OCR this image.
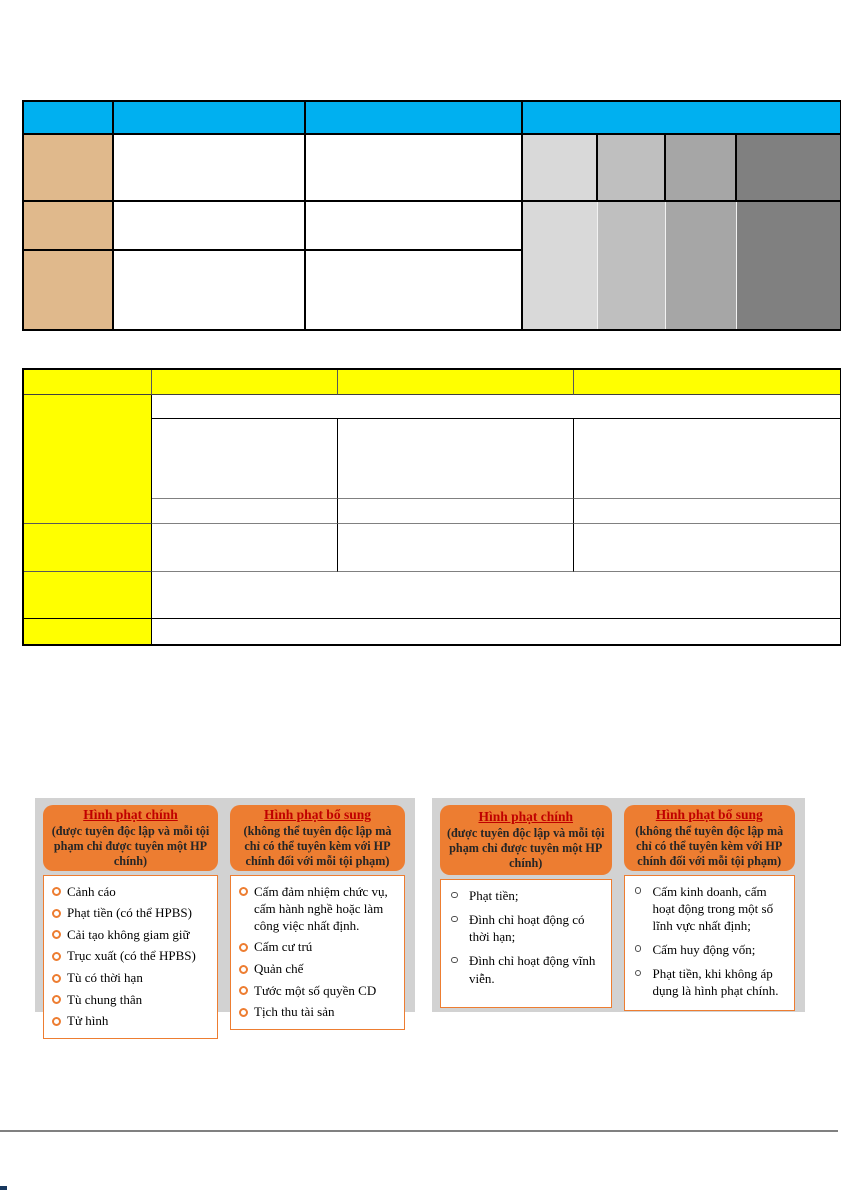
Hình phạt chính
(được tuyên độc lập và mỗi tội phạm chỉ được tuyên một HP chính)
Cảnh cáo
Phạt tiền (có thể HPBS)
Cải tạo không giam giữ
Trục xuất (có thể HPBS)
Tù có thời hạn
Tù chung thân
Tử hình
Hình phạt bổ sung
(không thể tuyên độc lập mà chỉ có thể tuyên kèm với HP chính đối với mỗi tội phạm)
Cấm đảm nhiệm chức vụ, cấm hành nghề hoặc làm công việc nhất định.
Cấm cư trú
Quản chế
Tước một số quyền CD
Tịch thu tài sản
Hình phạt chính
(được tuyên độc lập và mỗi tội phạm chỉ được tuyên một HP chính)
Phạt tiền;
Đình chỉ hoạt động có thời hạn;
Đình chỉ hoạt động vĩnh viễn.
Hình phạt bổ sung
(không thể tuyên độc lập mà chỉ có thể tuyên kèm với HP chính đối với mỗi tội phạm)
Cấm kinh doanh, cấm hoạt động trong một số lĩnh vực nhất định;
Cấm huy động vốn;
Phạt tiền, khi không áp dụng là hình phạt chính.
